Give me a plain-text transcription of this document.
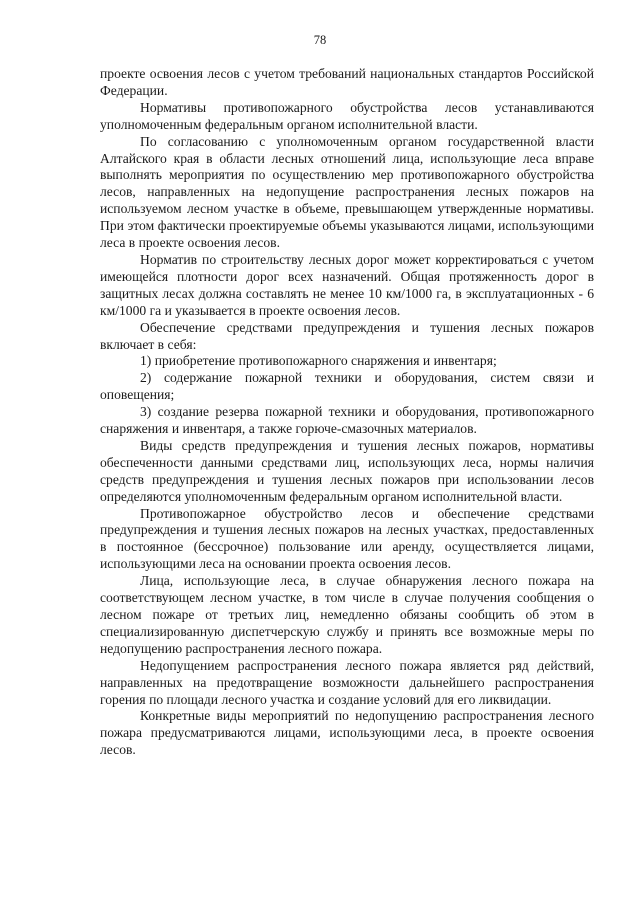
78

проекте освоения лесов с учетом требований национальных стандартов Российской Федерации.

Нормативы противопожарного обустройства лесов устанавливаются уполномоченным федеральным органом исполнительной власти.

По согласованию с уполномоченным органом государственной власти Алтайского края в области лесных отношений лица, использующие леса вправе выполнять мероприятия по осуществлению мер противопожарного обустройства лесов, направленных на недопущение распространения лесных пожаров на используемом лесном участке в объеме, превышающем утвержденные нормативы. При этом фактически проектируемые объемы указываются лицами, использующими леса в проекте освоения лесов.

Норматив по строительству лесных дорог может корректироваться с учетом имеющейся плотности дорог всех назначений. Общая протяженность дорог в защитных лесах должна составлять не менее 10 км/1000 га, в эксплуатационных - 6 км/1000 га и указывается в проекте освоения лесов.

Обеспечение средствами предупреждения и тушения лесных пожаров включает в себя:

1) приобретение противопожарного снаряжения и инвентаря;

2) содержание пожарной техники и оборудования, систем связи и оповещения;

3) создание резерва пожарной техники и оборудования, противопожарного снаряжения и инвентаря, а также горюче-смазочных материалов.

Виды средств предупреждения и тушения лесных пожаров, нормативы обеспеченности данными средствами лиц, использующих леса, нормы наличия средств предупреждения и тушения лесных пожаров при использовании лесов определяются уполномоченным федеральным органом исполнительной власти.

Противопожарное обустройство лесов и обеспечение средствами предупреждения и тушения лесных пожаров на лесных участках, предоставленных в постоянное (бессрочное) пользование или аренду, осуществляется лицами, использующими леса на основании проекта освоения лесов.

Лица, использующие леса, в случае обнаружения лесного пожара на соответствующем лесном участке, в том числе в случае получения сообщения о лесном пожаре от третьих лиц, немедленно обязаны сообщить об этом в специализированную диспетчерскую службу и принять все возможные меры по недопущению распространения лесного пожара.

Недопущением распространения лесного пожара является ряд действий, направленных на предотвращение возможности дальнейшего распространения горения по площади лесного участка и создание условий для его ликвидации.

Конкретные виды мероприятий по недопущению распространения лесного пожара предусматриваются лицами, использующими леса, в проекте освоения лесов.
